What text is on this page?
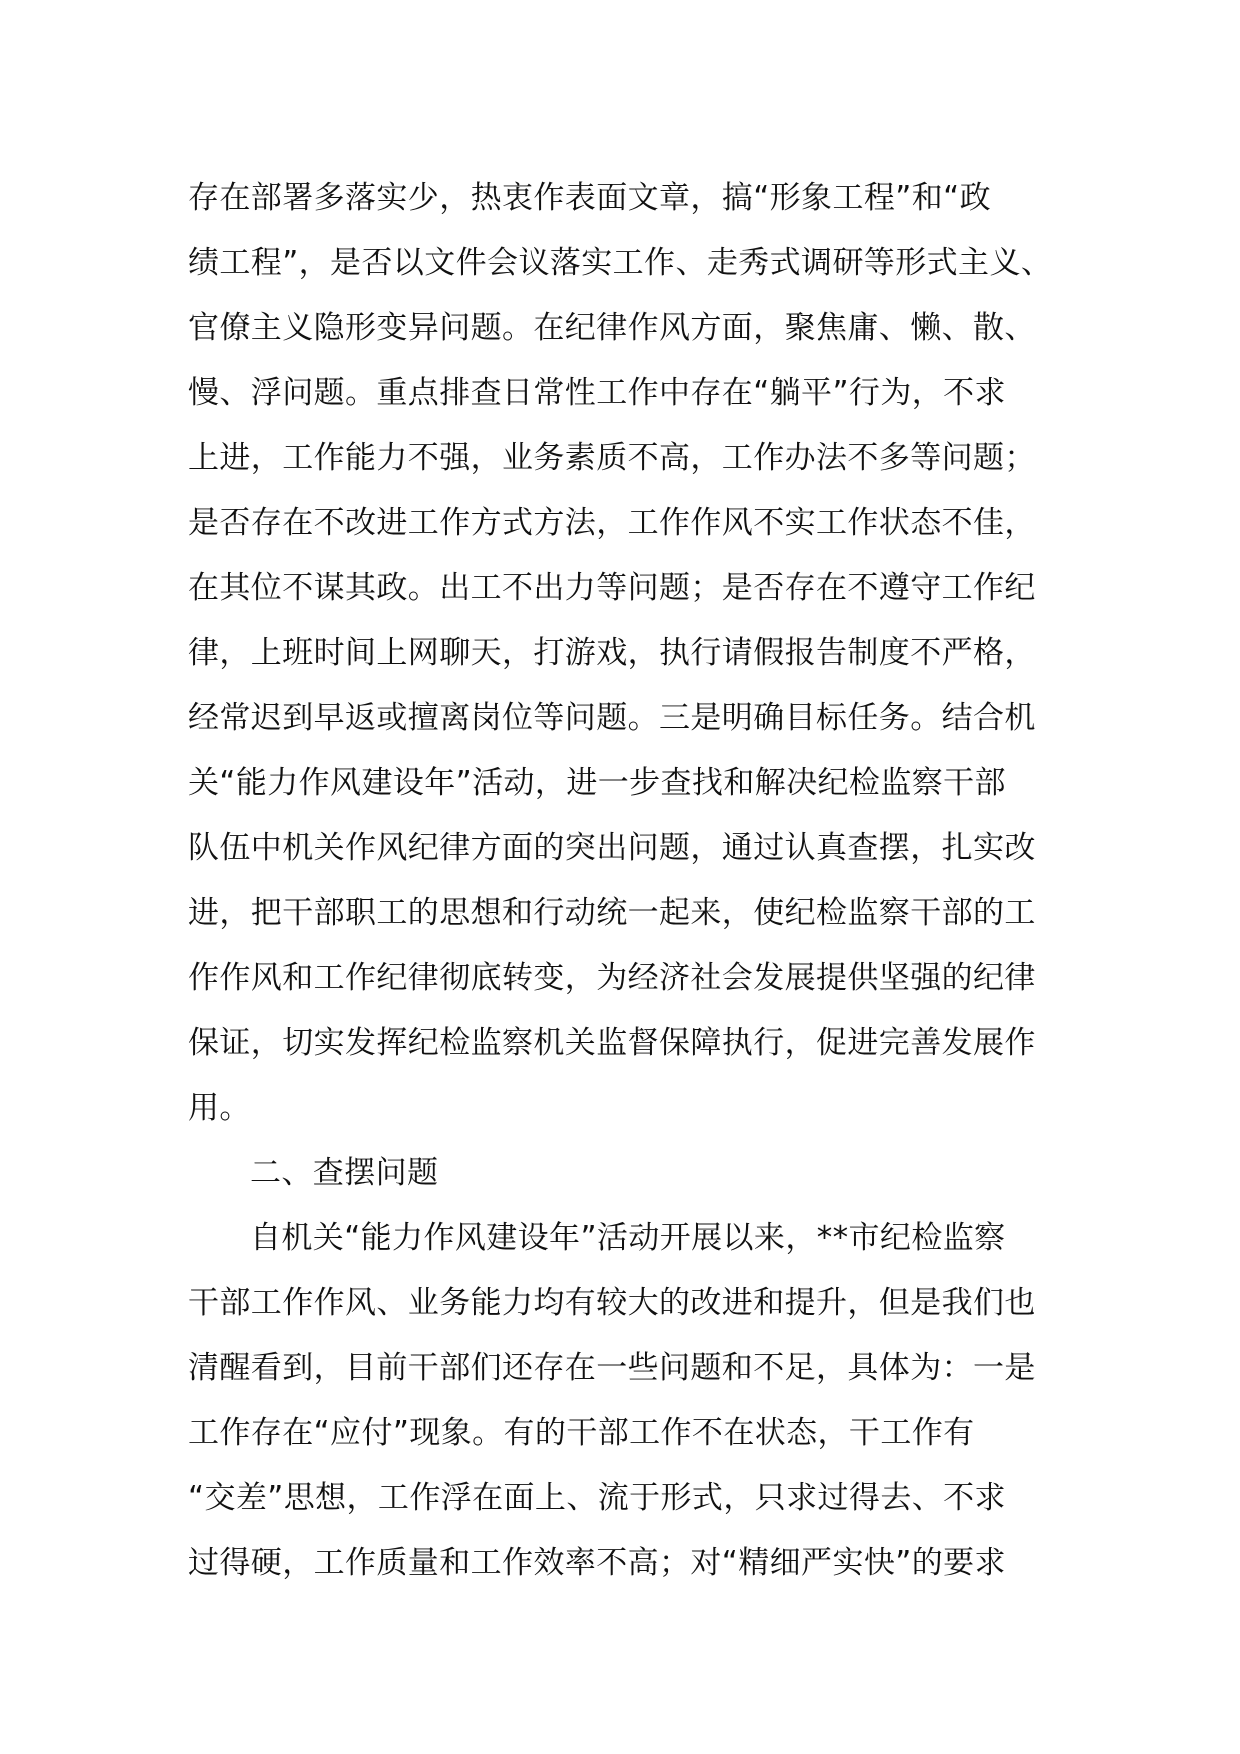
存在部署多落实少，热衷作表面文章，搞“形象工程”和“政
绩工程”，是否以文件会议落实工作、走秀式调研等形式主义、
官僚主义隐形变异问题。在纪律作风方面，聚焦庸、懒、散、
慢、浮问题。重点排查日常性工作中存在“躺平”行为，不求
上进，工作能力不强，业务素质不高，工作办法不多等问题；
是否存在不改进工作方式方法，工作作风不实工作状态不佳，
在其位不谋其政。出工不出力等问题；是否存在不遵守工作纪
律，上班时间上网聊天，打游戏，执行请假报告制度不严格，
经常迟到早返或擅离岗位等问题。三是明确目标任务。结合机
关“能力作风建设年”活动，进一步查找和解决纪检监察干部
队伍中机关作风纪律方面的突出问题，通过认真查摆，扎实改
进，把干部职工的思想和行动统一起来，使纪检监察干部的工
作作风和工作纪律彻底转变，为经济社会发展提供坚强的纪律
保证，切实发挥纪检监察机关监督保障执行，促进完善发展作
用。
二、查摆问题
自机关“能力作风建设年”活动开展以来，**市纪检监察
干部工作作风、业务能力均有较大的改进和提升，但是我们也
清醒看到，目前干部们还存在一些问题和不足，具体为：一是
工作存在“应付”现象。有的干部工作不在状态，干工作有
“交差”思想，工作浮在面上、流于形式，只求过得去、不求
过得硬，工作质量和工作效率不高；对“精细严实快”的要求
